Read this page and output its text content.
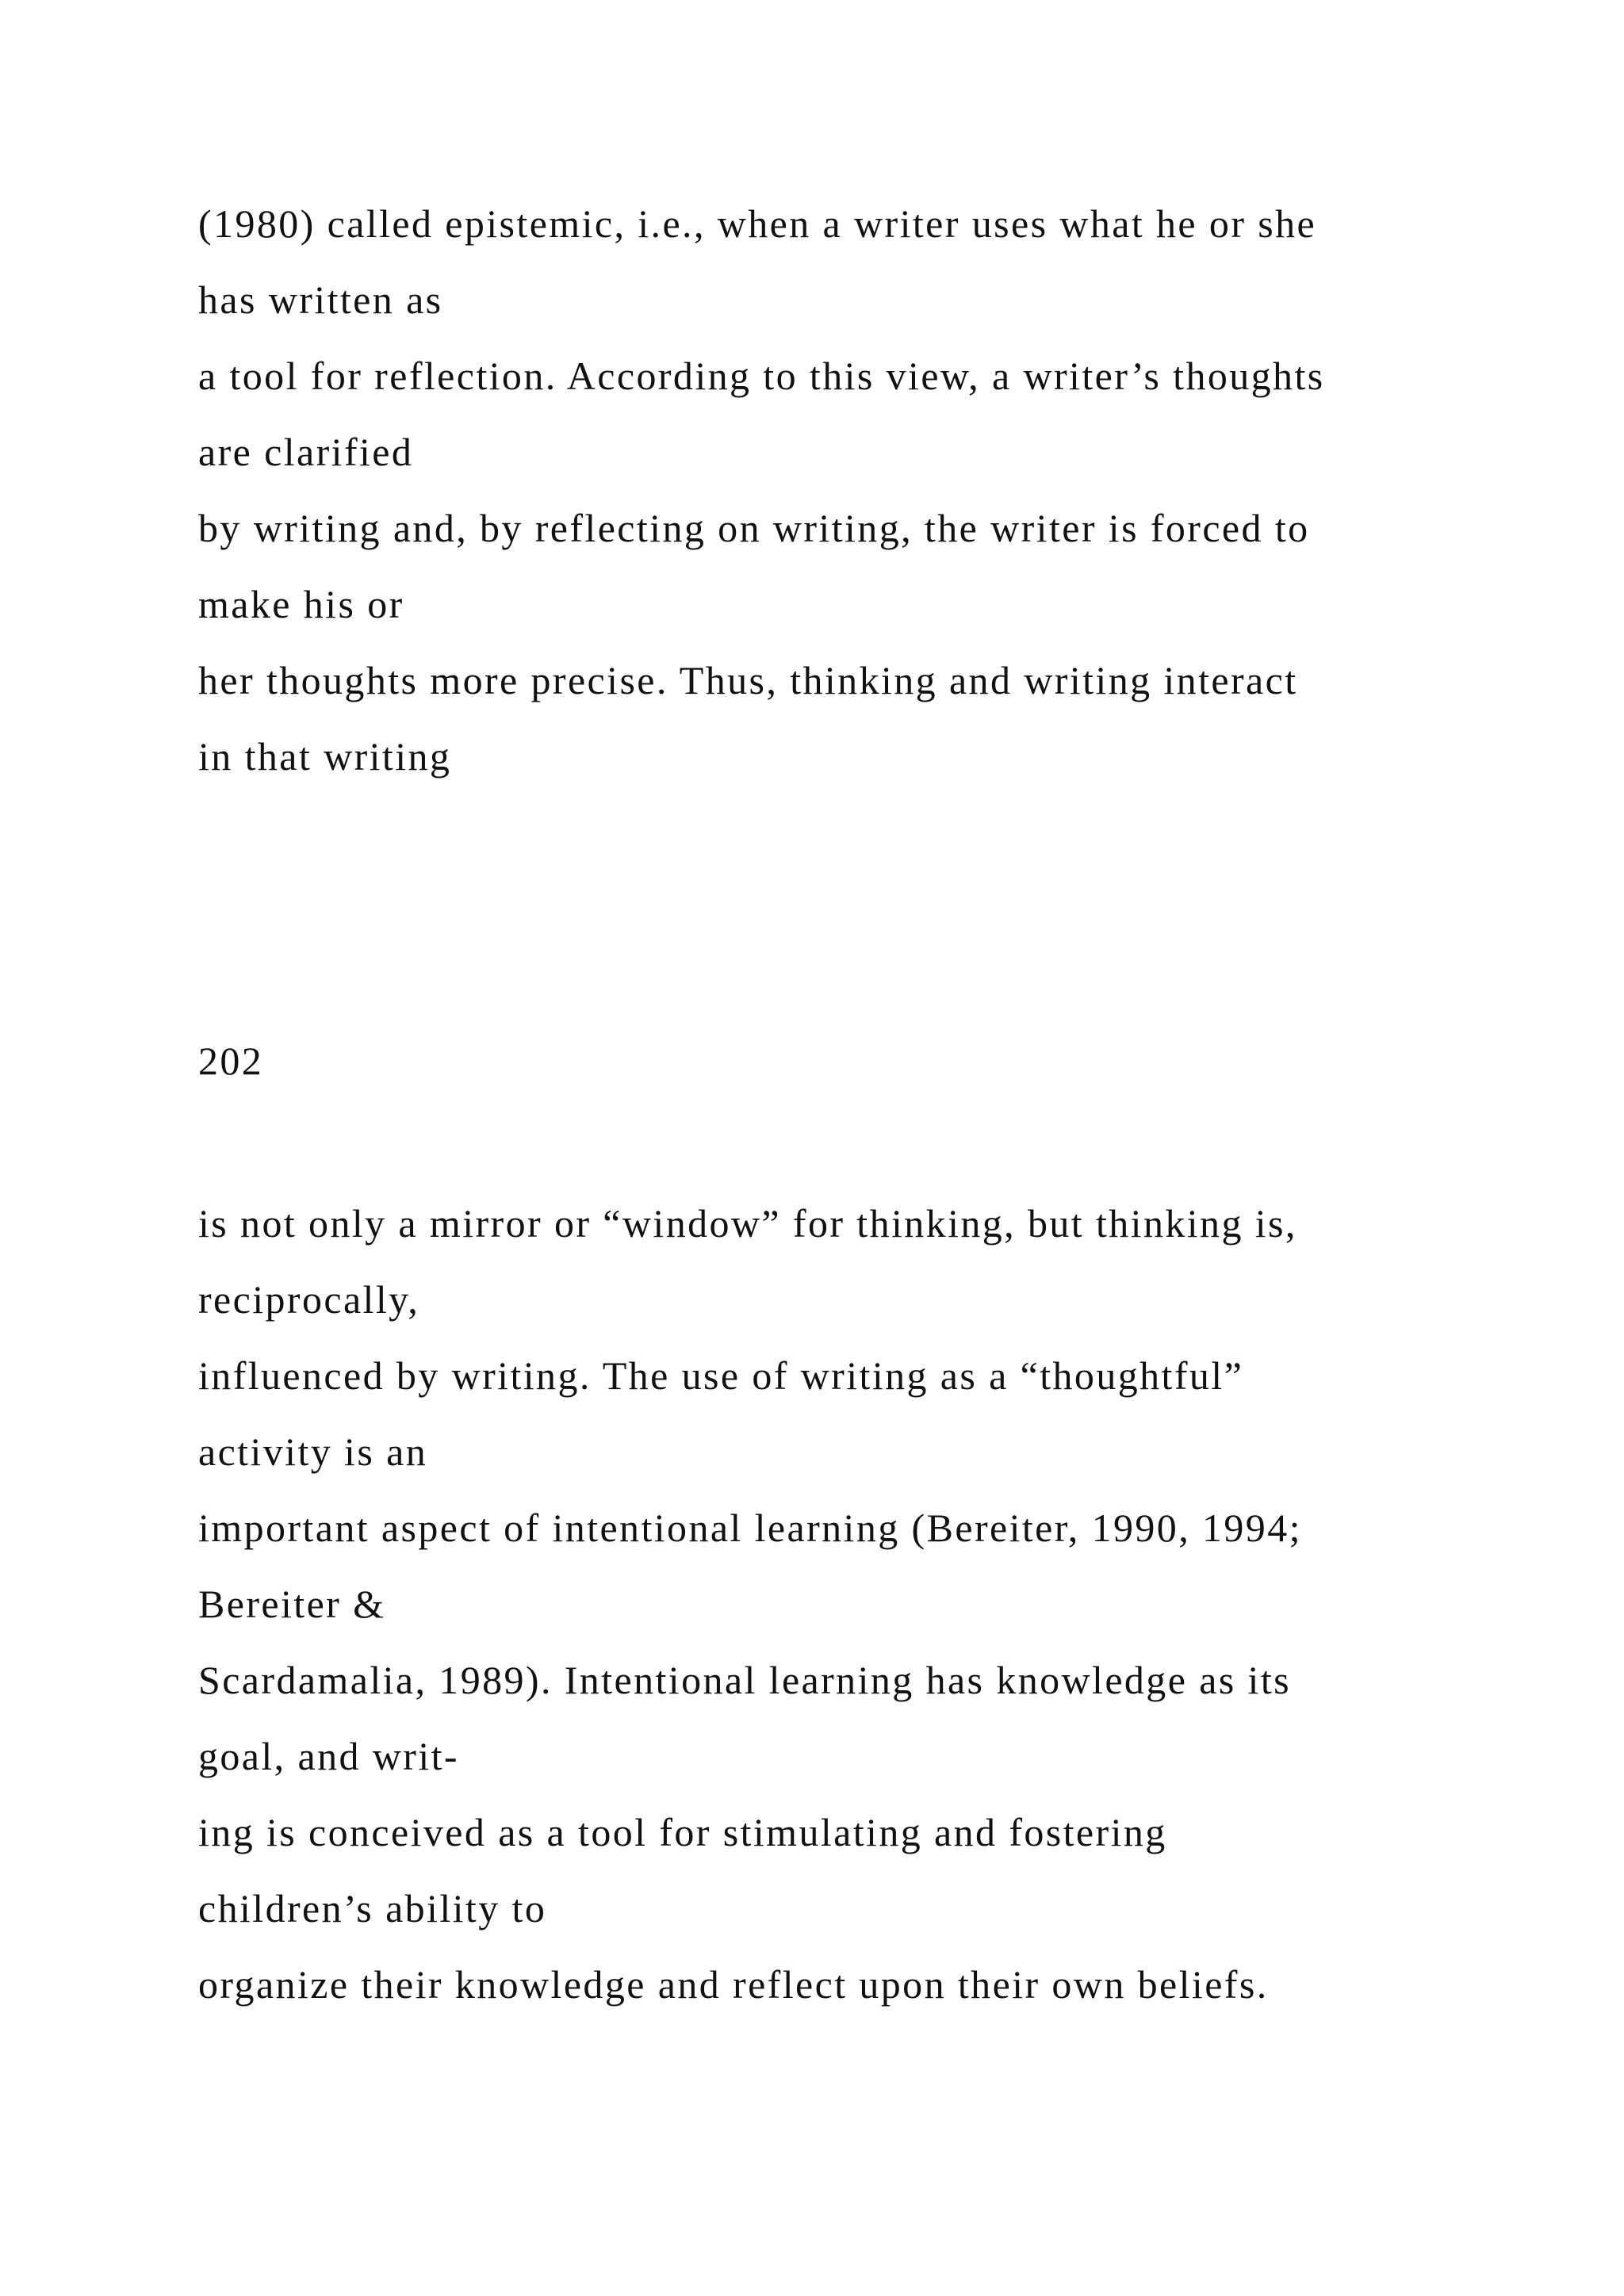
(1980) called epistemic, i.e., when a writer uses what he or she

has written as

a tool for reflection. According to this view, a writer’s thoughts

are clarified

by writing and, by reflecting on writing, the writer is forced to

make his or

her thoughts more precise. Thus, thinking and writing interact

in that writing

202

is not only a mirror or “window” for thinking, but thinking is,

reciprocally,

influenced by writing. The use of writing as a “thoughtful”

activity is an

important aspect of intentional learning (Bereiter, 1990, 1994;

Bereiter &

Scardamalia, 1989). Intentional learning has knowledge as its

goal, and writ-

ing is conceived as a tool for stimulating and fostering

children’s ability to

organize their knowledge and reflect upon their own beliefs.
